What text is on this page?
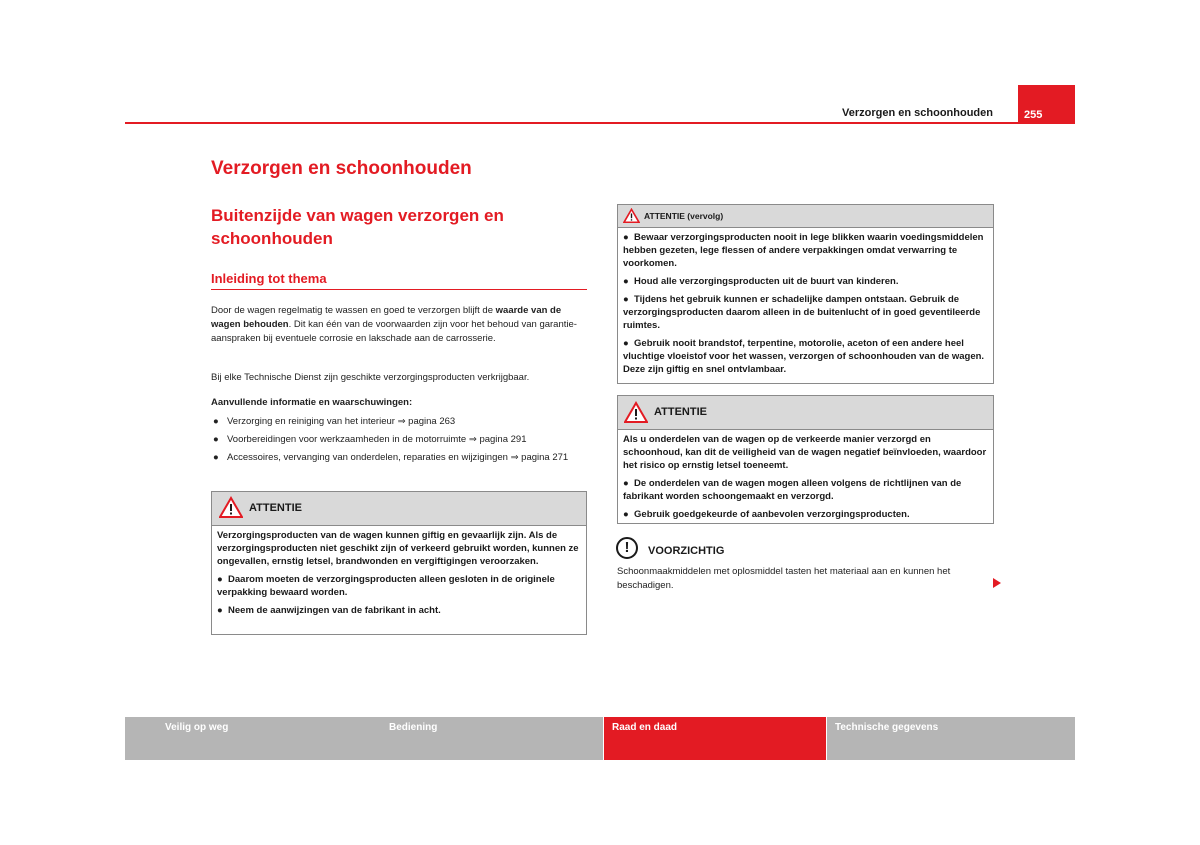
Verzorgen en schoonhouden	255
Verzorgen en schoonhouden
Buitenzijde van wagen verzorgen en schoonhouden
Inleiding tot thema
Door de wagen regelmatig te wassen en goed te verzorgen blijft de waarde van de wagen behouden. Dit kan één van de voorwaarden zijn voor het behoud van garantie-aanspraken bij eventuele corrosie en lakschade aan de carrosserie.
Bij elke Technische Dienst zijn geschikte verzorgingsproducten verkrijgbaar.
Aanvullende informatie en waarschuwingen:
● Verzorging en reiniging van het interieur ⇒ pagina 263
● Voorbereidingen voor werkzaamheden in de motorruimte ⇒ pagina 291
● Accessoires, vervanging van onderdelen, reparaties en wijzigingen ⇒ pagina 271
ATTENTIE

Verzorgingsproducten van de wagen kunnen giftig en gevaarlijk zijn. Als de verzorgingsproducten niet geschikt zijn of verkeerd gebruikt worden, kunnen ze ongevallen, ernstig letsel, brandwonden en vergiftigingen veroorzaken.

●  Daarom moeten de verzorgingsproducten alleen gesloten in de originele verpakking bewaard worden.
●  Neem de aanwijzingen van de fabrikant in acht.
ATTENTIE (vervolg)
●  Bewaar verzorgingsproducten nooit in lege blikken waarin voedingsmiddelen hebben gezeten, lege flessen of andere verpakkingen omdat verwarring te voorkomen.
●  Houd alle verzorgingsproducten uit de buurt van kinderen.
●  Tijdens het gebruik kunnen er schadelijke dampen ontstaan. Gebruik de verzorgingsproducten daarom alleen in de buitenlucht of in goed geventileerde ruimtes.
●  Gebruik nooit brandstof, terpentine, motorolie, aceton of een andere heel vluchtige vloeistof voor het wassen, verzorgen of schoonhouden van de wagen. Deze zijn giftig en snel ontvlambaar.
ATTENTIE

Als u onderdelen van de wagen op de verkeerde manier verzorgd en schoonhoud, kan dit de veiligheid van de wagen negatief beïnvloeden, waardoor het risico op ernstig letsel toeneemt.

●  De onderdelen van de wagen mogen alleen volgens de richtlijnen van de fabrikant worden schoongemaakt en verzorgd.
●  Gebruik goedgekeurde of aanbevolen verzorgingsproducten.
!	VOORZICHTIG
Schoonmaakmiddelen met oplosmiddel tasten het materiaal aan en kunnen het beschadigen.
Veilig op weg	Bediening	Raad en daad	Technische gegevens
